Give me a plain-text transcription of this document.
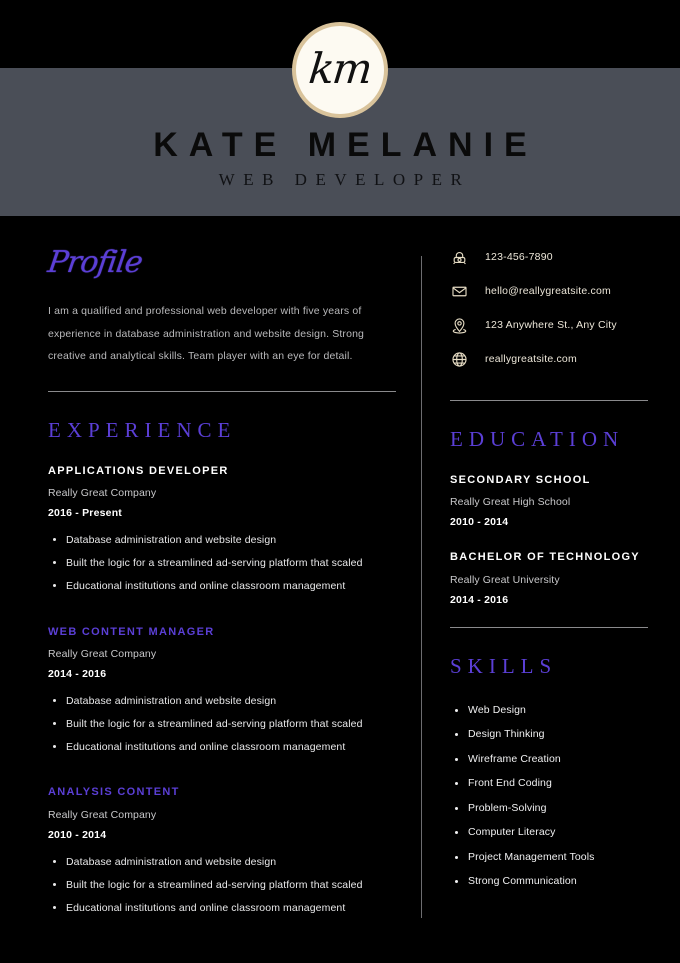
km
KATE MELANIE
WEB DEVELOPER
Profile

I am a qualified and professional web developer with five years of experience in database administration and website design. Strong creative and analytical skills. Team player with an eye for detail.

EXPERIENCE
APPLICATIONS DEVELOPER
Really Great Company
2016 - Present
Database administration and website design
Built the logic for a streamlined ad-serving platform that scaled
Educational institutions and online classroom management
WEB CONTENT MANAGER
Really Great Company
2014 - 2016
Database administration and website design
Built the logic for a streamlined ad-serving platform that scaled
Educational institutions and online classroom management
ANALYSIS CONTENT
Really Great Company
2010 - 2014
Database administration and website design
Built the logic for a streamlined ad-serving platform that scaled
Educational institutions and online classroom management
123-456-7890
hello@reallygreatsite.com
123 Anywhere St., Any City
reallygreatsite.com
EDUCATION
SECONDARY SCHOOL
Really Great High School
2010 - 2014
BACHELOR OF TECHNOLOGY
Really Great University
2014 - 2016
SKILLS
Web Design
Design Thinking
Wireframe Creation
Front End Coding
Problem-Solving
Computer Literacy
Project Management Tools
Strong Communication
